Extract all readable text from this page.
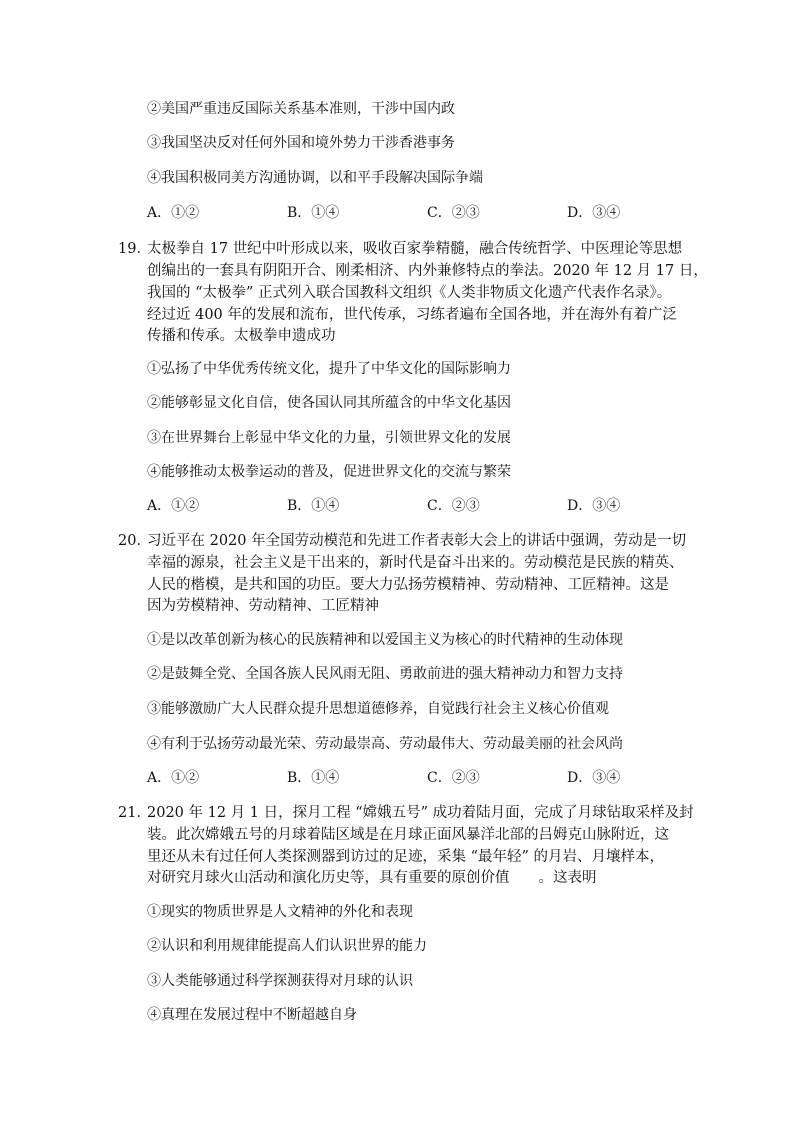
②美国严重违反国际关系基本准则，干涉中国内政
③我国坚决反对任何外国和境外势力干涉香港事务
④我国积极同美方沟通协调，以和平手段解决国际争端
A．①②	B．①④	C．②③	D．③④
19．
太极拳自 17 世纪中叶形成以来，吸收百家拳精髓，融合传统哲学、中医理论等思想
创编出的一套具有阴阳开合、刚柔相济、内外兼修特点的拳法。2020 年 12 月 17 日，
我国的 “太极拳” 正式列入联合国教科文组织《人类非物质文化遗产代表作名录》。
经过近 400 年的发展和流布，世代传承，习练者遍布全国各地，并在海外有着广泛
传播和传承。太极拳申遗成功
①弘扬了中华优秀传统文化，提升了中华文化的国际影响力
②能够彰显文化自信，使各国认同其所蕴含的中华文化基因
③在世界舞台上彰显中华文化的力量，引领世界文化的发展
④能够推动太极拳运动的普及，促进世界文化的交流与繁荣
A．①②	B．①④	C．②③	D．③④
20．
习近平在 2020 年全国劳动模范和先进工作者表彰大会上的讲话中强调，劳动是一切
幸福的源泉，社会主义是干出来的，新时代是奋斗出来的。劳动模范是民族的精英、
人民的楷模，是共和国的功臣。要大力弘扬劳模精神、劳动精神、工匠精神。这是
因为劳模精神、劳动精神、工匠精神
①是以改革创新为核心的民族精神和以爱国主义为核心的时代精神的生动体现
②是鼓舞全党、全国各族人民风雨无阻、勇敢前进的强大精神动力和智力支持
③能够激励广大人民群众提升思想道德修养，自觉践行社会主义核心价值观
④有利于弘扬劳动最光荣、劳动最崇高、劳动最伟大、劳动最美丽的社会风尚
A．①②	B．①④	C．②③	D．③④
21．
2020 年 12 月 1 日，探月工程 “嫦娥五号” 成功着陆月面，完成了月球钻取采样及封
装。此次嫦娥五号的月球着陆区域是在月球正面风暴洋北部的吕姆克山脉附近，这
里还从未有过任何人类探测器到访过的足迹，采集 “最年轻” 的月岩、月壤样本，
对研究月球火山活动和演化历史等，具有重要的原创价值　　。这表明
①现实的物质世界是人文精神的外化和表现
②认识和利用规律能提高人们认识世界的能力
③人类能够通过科学探测获得对月球的认识
④真理在发展过程中不断超越自身
